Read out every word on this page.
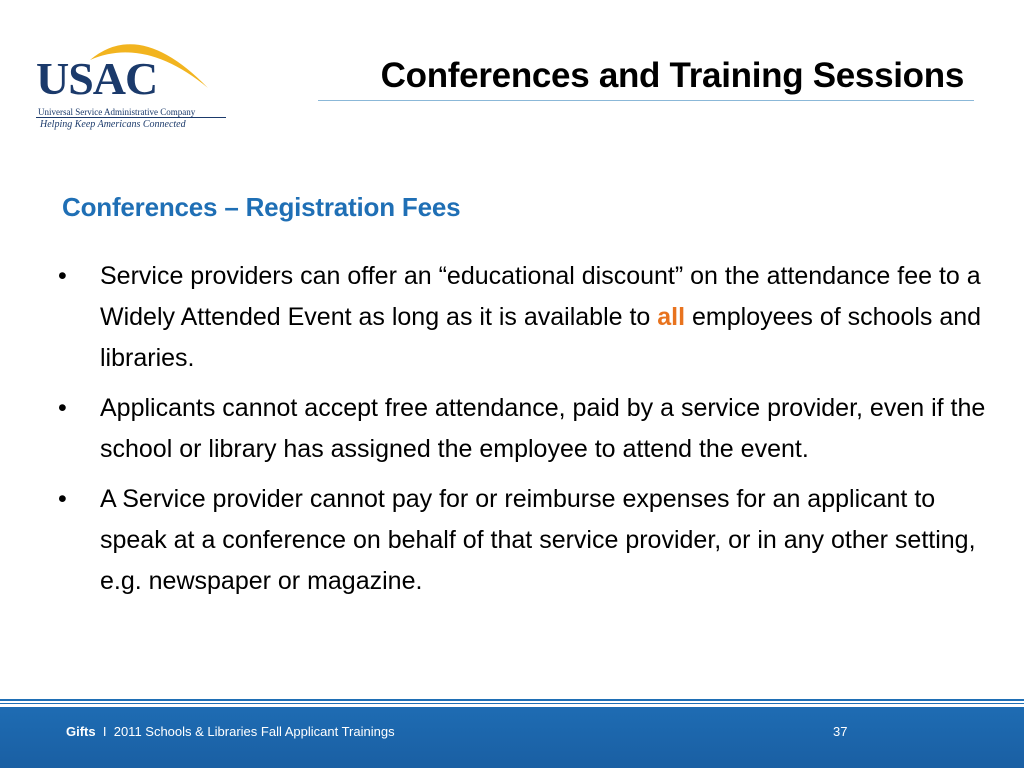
USAC
Universal Service Administrative Company
Helping Keep Americans Connected
Conferences and Training Sessions
Conferences – Registration Fees
• Service providers can offer an “educational discount” on the attendance fee to a Widely Attended Event as long as it is available to all employees of schools and libraries.
• Applicants cannot accept free attendance, paid by a service provider, even if the school or library has assigned the employee to attend the event.
• A Service provider cannot pay for or reimburse expenses for an applicant to speak at a conference on behalf of that service provider, or in any other setting, e.g. newspaper or magazine.
Gifts I 2011 Schools & Libraries Fall Applicant Trainings	37
